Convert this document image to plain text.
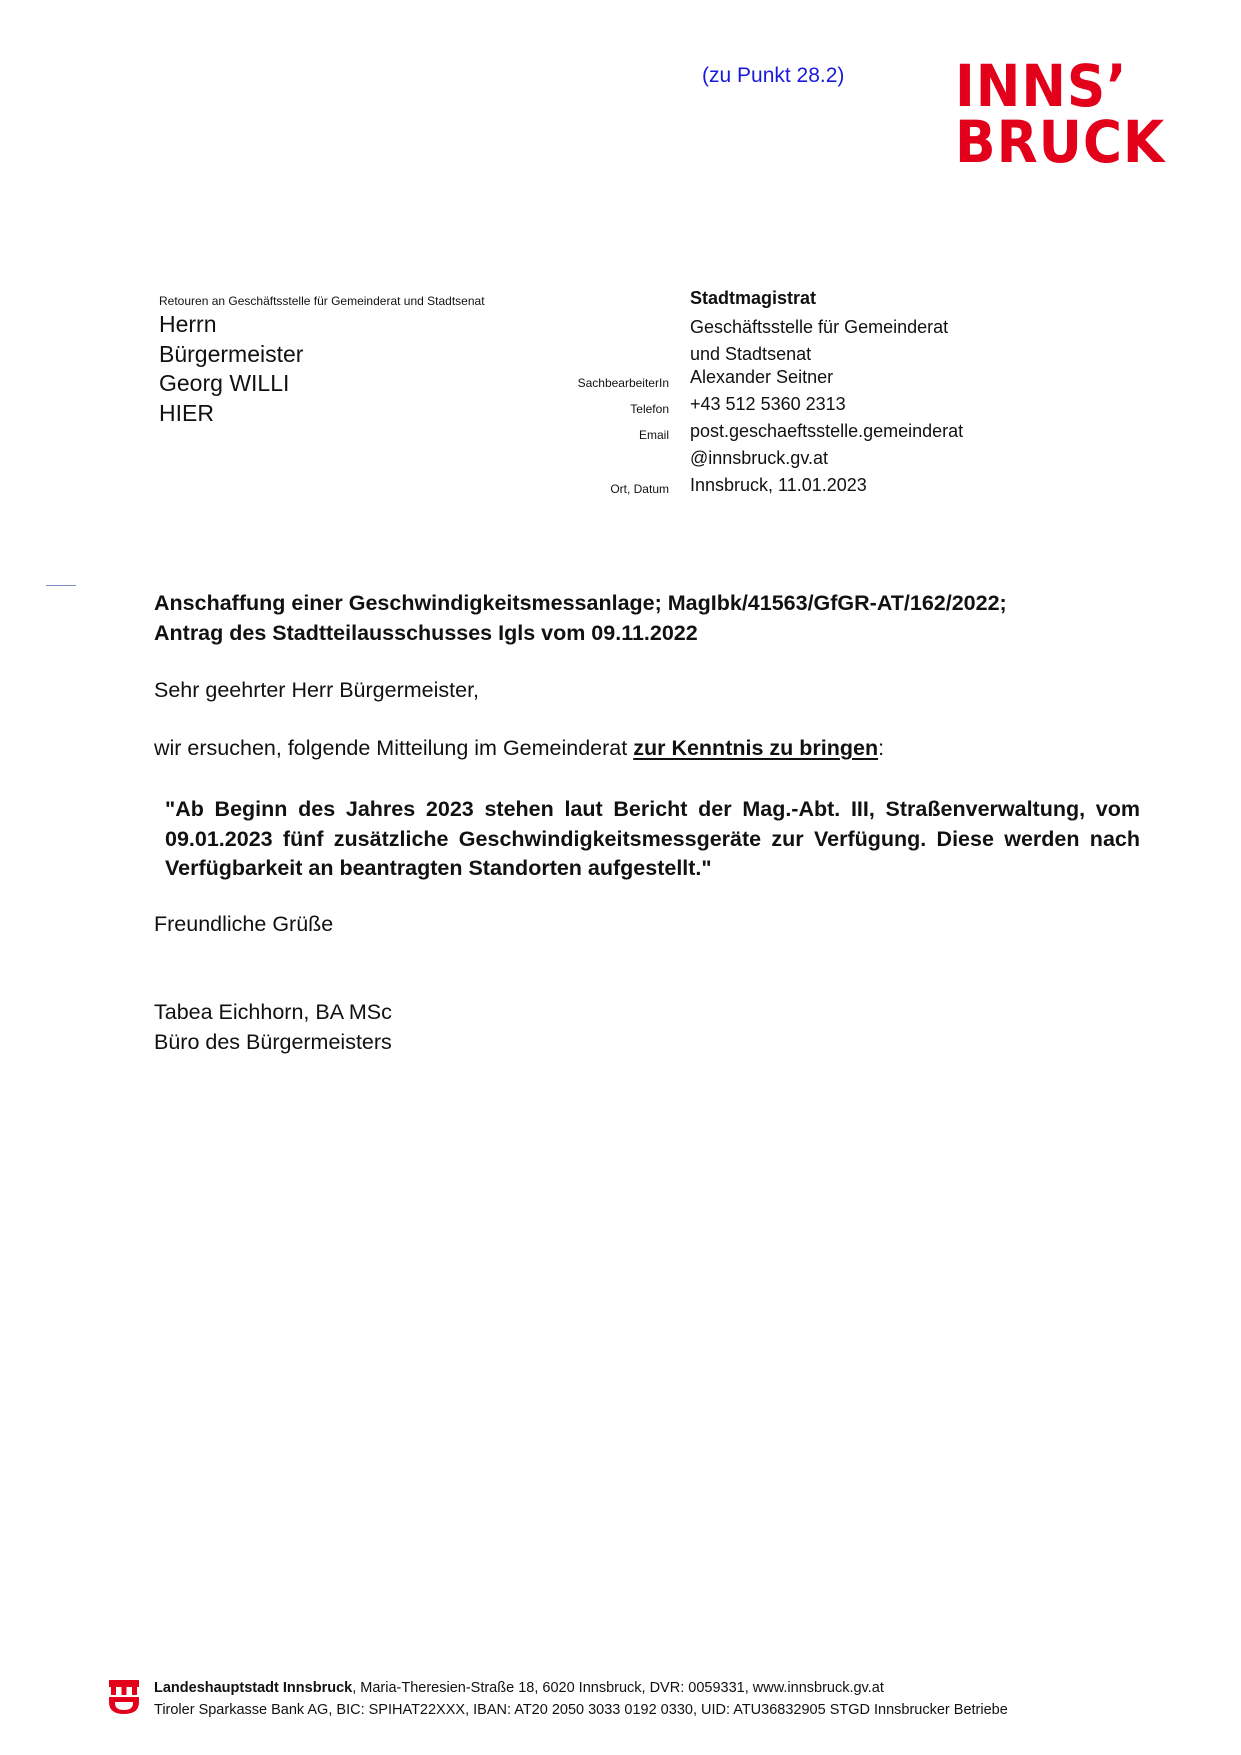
(zu Punkt 28.2) INNS’
BRUCK
Retouren an Geschäftsstelle für Gemeinderat und Stadtsenat
Herrn
Bürgermeister
Georg WILLI
HIER
Stadtmagistrat
Geschäftsstelle für Gemeinderat
und Stadtsenat
SachbearbeiterIn Alexander Seitner
Telefon +43 512 5360 2313
Email post.geschaeftsstelle.gemeinderat
@innsbruck.gv.at
Ort, Datum Innsbruck, 11.01.2023
Anschaffung einer Geschwindigkeitsmessanlage; MagIbk/41563/GfGR-AT/162/2022;
Antrag des Stadtteilausschusses Igls vom 09.11.2022
Sehr geehrter Herr Bürgermeister,
wir ersuchen, folgende Mitteilung im Gemeinderat zur Kenntnis zu bringen:
"Ab Beginn des Jahres 2023 stehen laut Bericht der Mag.-Abt. III, Straßenverwaltung, vom 09.01.2023 fünf zusätzliche Geschwindigkeitsmessgeräte zur Verfügung. Diese werden nach Verfügbarkeit an beantragten Standorten aufgestellt."
Freundliche Grüße
Tabea Eichhorn, BA MSc
Büro des Bürgermeisters
Landeshauptstadt Innsbruck, Maria-Theresien-Straße 18, 6020 Innsbruck, DVR: 0059331, www.innsbruck.gv.at
Tiroler Sparkasse Bank AG, BIC: SPIHAT22XXX, IBAN: AT20 2050 3033 0192 0330, UID: ATU36832905 STGD Innsbrucker Betriebe
